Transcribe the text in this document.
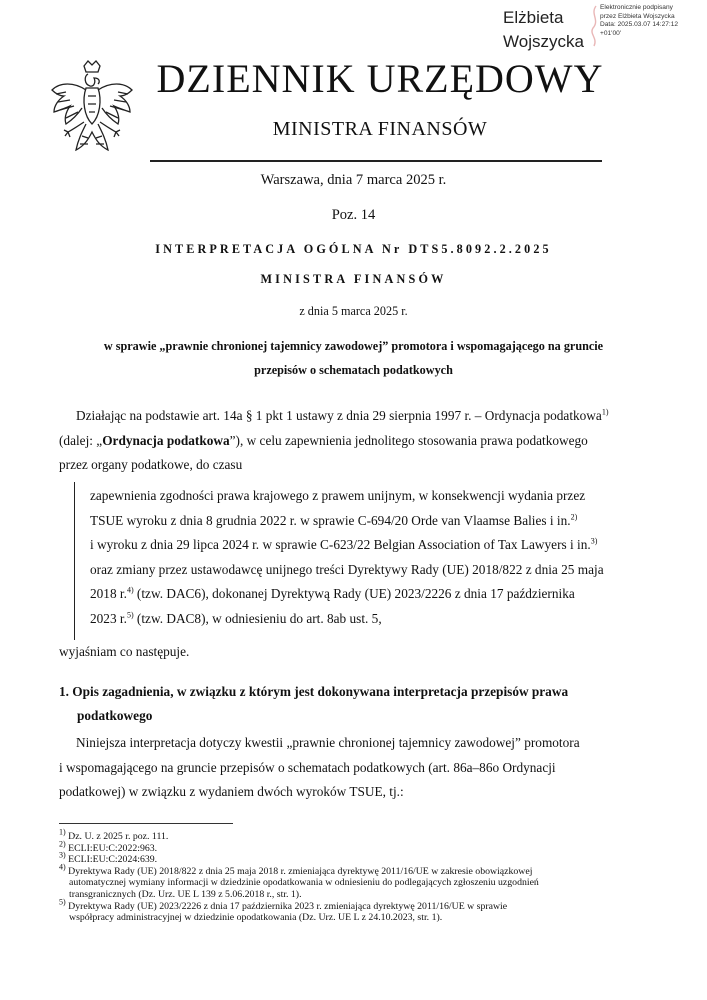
Elżbieta
Wojszycka
Elektronicznie podpisany
przez Elżbieta Wojszycka
Data: 2025.03.07 14:27:12
+01'00'
DZIENNIK URZĘDOWY
MINISTRA FINANSÓW
Warszawa, dnia 7 marca 2025 r.
Poz. 14
INTERPRETACJA OGÓLNA Nr DTS5.8092.2.2025
MINISTRA FINANSÓW
z dnia 5 marca 2025 r.
w sprawie „prawnie chronionej tajemnicy zawodowej” promotora i wspomagającego na gruncie
przepisów o schematach podatkowych
Działając na podstawie art. 14a § 1 pkt 1 ustawy z dnia 29 sierpnia 1997 r. – Ordynacja podatkowa$^{1)}$
(dalej: „Ordynacja podatkowa”), w celu zapewnienia jednolitego stosowania prawa podatkowego
przez organy podatkowe, do czasu
zapewnienia zgodności prawa krajowego z prawem unijnym, w konsekwencji wydania przez
TSUE wyroku z dnia 8 grudnia 2022 r. w sprawie C-694/20 Orde van Vlaamse Balies i in.$^{2)}$
i wyroku z dnia 29 lipca 2024 r. w sprawie C-623/22 Belgian Association of Tax Lawyers i in.$^{3)}$
oraz zmiany przez ustawodawcę unijnego treści Dyrektywy Rady (UE) 2018/822 z dnia 25 maja
2018 r.$^{4)}$ (tzw. DAC6), dokonanej Dyrektywą Rady (UE) 2023/2226 z dnia 17 października
2023 r.$^{5)}$ (tzw. DAC8), w odniesieniu do art. 8ab ust. 5,
wyjaśniam co następuje.
1. Opis zagadnienia, w związku z którym jest dokonywana interpretacja przepisów prawa
podatkowego
Niniejsza interpretacja dotyczy kwestii „prawnie chronionej tajemnicy zawodowej” promotora
i wspomagającego na gruncie przepisów o schematach podatkowych (art. 86a–86o Ordynacji
podatkowej) w związku z wydaniem dwóch wyroków TSUE, tj.:
$^{1)}$ Dz. U. z 2025 r. poz. 111.
$^{2)}$ ECLI:EU:C:2022:963.
$^{3)}$ ECLI:EU:C:2024:639.
$^{4)}$ Dyrektywa Rady (UE) 2018/822 z dnia 25 maja 2018 r. zmieniająca dyrektywę 2011/16/UE w zakresie obowiązkowej
automatycznej wymiany informacji w dziedzinie opodatkowania w odniesieniu do podlegających zgłoszeniu uzgodnień
transgranicznych (Dz. Urz. UE L 139 z 5.06.2018 r., str. 1).
$^{5)}$ Dyrektywa Rady (UE) 2023/2226 z dnia 17 października 2023 r. zmieniająca dyrektywę 2011/16/UE w sprawie
współpracy administracyjnej w dziedzinie opodatkowania (Dz. Urz. UE L z 24.10.2023, str. 1).
